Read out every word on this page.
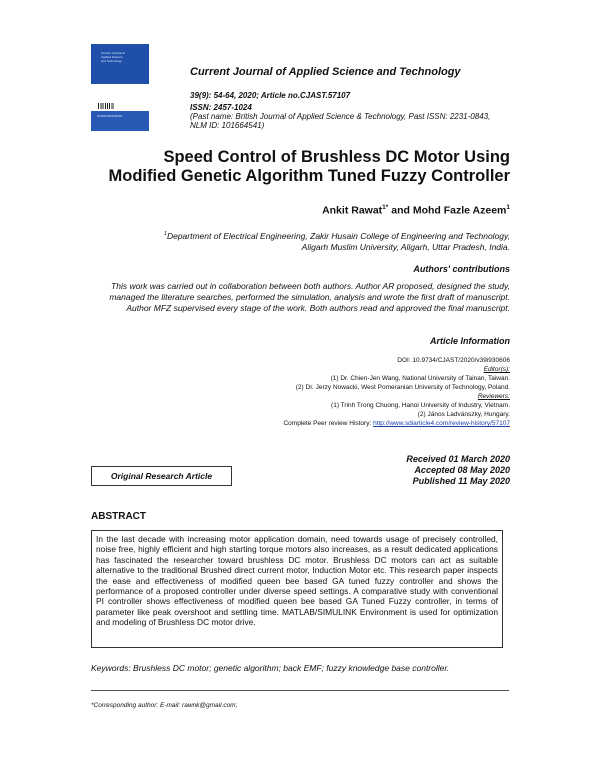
Current Journal of
Applied Science
and Technology
SCIENCEDOMAIN
Current Journal of Applied Science and Technology
39(9): 54-64, 2020; Article no.CJAST.57107
ISSN: 2457-1024
(Past name: British Journal of Applied Science & Technology, Past ISSN: 2231-0843,
NLM ID: 101664541)
Speed Control of Brushless DC Motor Using
Modified Genetic Algorithm Tuned Fuzzy Controller
Ankit Rawat$^{1*}$ and Mohd Fazle Azeem$^1$
$^1$Department of Electrical Engineering, Zakir Husain College of Engineering and Technology,
Aligarh Muslim University, Aligarh, Uttar Pradesh, India.
Authors' contributions
This work was carried out in collaboration between both authors. Author AR proposed, designed the study, managed the literature searches, performed the simulation, analysis and wrote the first draft of manuscript. Author MFZ supervised every stage of the work. Both authors read and approved the final manuscript.
Article Information
DOI: 10.9734/CJAST/2020/v39i930606
Editor(s):
(1) Dr. Chien-Jen Wang, National University of Tainan, Taiwan.
(2) Dr. Jerzy Nowacki, West Pomeranian University of Technology, Poland.
Reviewers:
(1) Trinh Trong Chuong, Hanoi University of Industry, Vietnam.
(2) János Ladvánszky, Hungary.
Complete Peer review History: http://www.sdiarticle4.com/review-history/57107
Original Research Article
Received 01 March 2020
Accepted 08 May 2020
Published 11 May 2020
ABSTRACT
In the last decade with increasing motor application domain, need towards usage of precisely controlled, noise free, highly efficient and high starting torque motors also increases, as a result dedicated applications has fascinated the researcher toward brushless DC motor. Brushless DC motors can act as suitable alternative to the traditional Brushed direct current motor, Induction Motor etc. This research paper inspects the ease and effectiveness of modified queen bee based GA tuned fuzzy controller and shows the performance of a proposed controller under diverse speed settings. A comparative study with conventional PI controller shows effectiveness of modified queen bee based GA Tuned Fuzzy controller, in terms of parameter like peak overshoot and settling time. MATLAB/SIMULINK Environment is used for optimization and modeling of Brushless DC motor drive.
Keywords: Brushless DC motor; genetic algorithm; back EMF; fuzzy knowledge base controller.
*Corresponding author: E-mail: rawnk@gmail.com;
